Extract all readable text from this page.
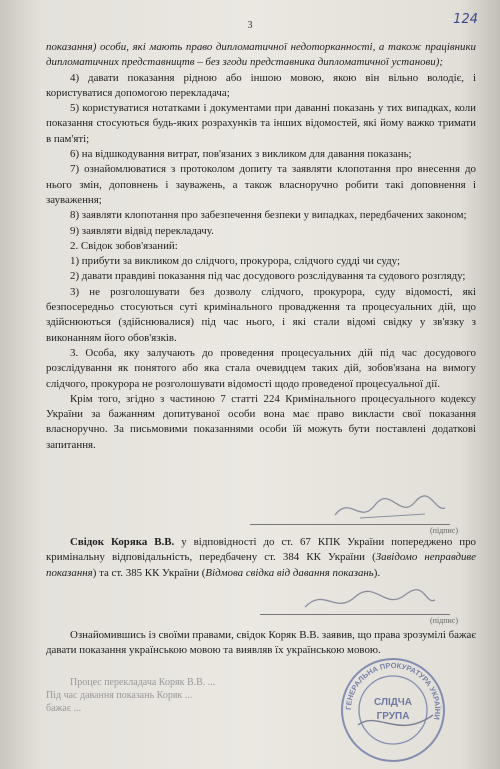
3	124

показання) особи, які мають право дипломатичної недоторканності, а також працівники дипломатичних представництв – без згоди представника дипломатичної установи);

4) давати показання рідною або іншою мовою, якою він вільно володіє, і користуватися допомогою перекладача;

5) користуватися нотатками і документами при даванні показань у тих випадках, коли показання стосуються будь-яких розрахунків та інших відомостей, які йому важко тримати в пам'яті;

6) на відшкодування витрат, пов'язаних з викликом для давання показань;

7) ознайомлюватися з протоколом допиту та заявляти клопотання про внесення до нього змін, доповнень і зауважень, а також власноручно робити такі доповнення і зауваження;

8) заявляти клопотання про забезпечення безпеки у випадках, передбачених законом;

9) заявляти відвід перекладачу.

2. Свідок зобов'язаний:

1) прибути за викликом до слідчого, прокурора, слідчого судді чи суду;

2) давати правдиві показання під час досудового розслідування та судового розгляду;

3) не розголошувати без дозволу слідчого, прокурора, суду відомості, які безпосередньо стосуються суті кримінального провадження та процесуальних дій, що здійснюються (здійснювалися) під час нього, і які стали відомі свідку у зв'язку з виконанням його обов'язків.

3. Особа, яку залучають до проведення процесуальних дій під час досудового розслідування як понятого або яка стала очевидцем таких дій, зобов'язана на вимогу слідчого, прокурора не розголошувати відомості щодо проведеної процесуальної дії.

Крім того, згідно з частиною 7 статті 224 Кримінального процесуального кодексу України за бажанням допитуваної особи вона має право викласти свої показання власноручно. За письмовими показаннями особи їй можуть бути поставлені додаткові запитання.

(підпис)

Свідок Коряка В.В. у відповідності до ст. 67 КПК України попереджено про кримінальну відповідальність, передбачену ст. 384 КК України (Завідомо неправдиве показання) та ст. 385 КК України (Відмова свідка від давання показань).

(підпис)

Ознайомившись із своїми правами, свідок Коряк В.В. заявив, що права зрозумілі бажає давати показання українською мовою та виявляв їх українською мовою.

Процес перекладача Коряк В.В. ...

Під час давання показань Коряк ...

бажає ...	ГЕНЕРАЛЬНА ПРОКУРАТУРА УКРАЇНИ
СЛІДЧА
ГРУПА
